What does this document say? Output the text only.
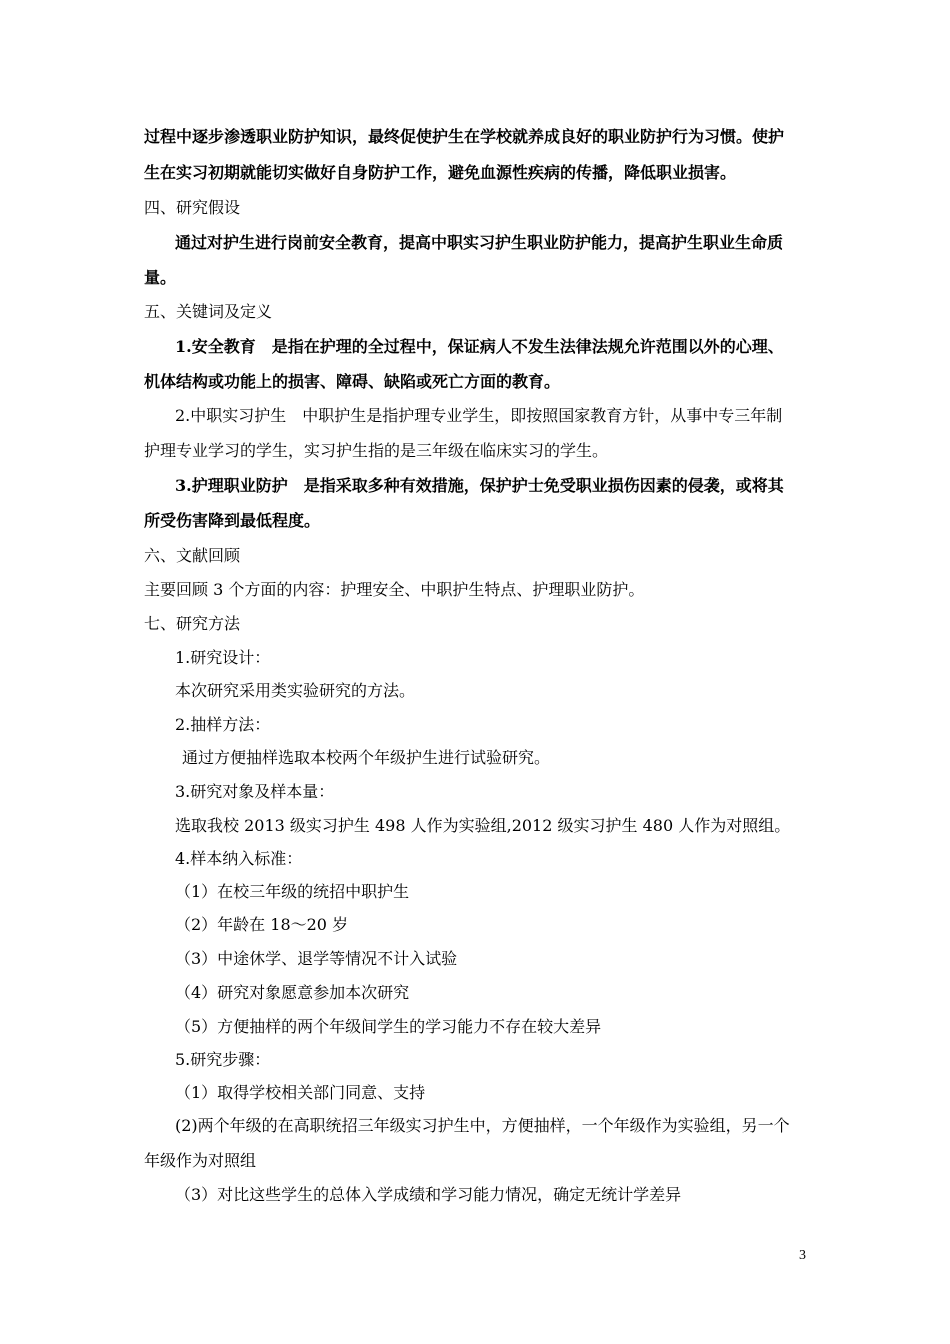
过程中逐步渗透职业防护知识，最终促使护生在学校就养成良好的职业防护行为习惯。使护
生在实习初期就能切实做好自身防护工作，避免血源性疾病的传播，降低职业损害。
四、研究假设
通过对护生进行岗前安全教育，提高中职实习护生职业防护能力，提高护生职业生命质
量。
五、关键词及定义
1.安全教育　是指在护理的全过程中，保证病人不发生法律法规允许范围以外的心理、
机体结构或功能上的损害、障碍、缺陷或死亡方面的教育。
2.中职实习护生　中职护生是指护理专业学生，即按照国家教育方针，从事中专三年制
护理专业学习的学生，实习护生指的是三年级在临床实习的学生。
3.护理职业防护　是指采取多种有效措施，保护护士免受职业损伤因素的侵袭，或将其
所受伤害降到最低程度。
六、文献回顾
主要回顾 3 个方面的内容：护理安全、中职护生特点、护理职业防护。
七、研究方法
1.研究设计：
本次研究采用类实验研究的方法。
2.抽样方法：
通过方便抽样选取本校两个年级护生进行试验研究。
3.研究对象及样本量：
选取我校 2013 级实习护生 498 人作为实验组,2012 级实习护生 480 人作为对照组。
4.样本纳入标准：
（1）在校三年级的统招中职护生
（2）年龄在 18～20 岁
（3）中途休学、退学等情况不计入试验
（4）研究对象愿意参加本次研究
（5）方便抽样的两个年级间学生的学习能力不存在较大差异
5.研究步骤：
（1）取得学校相关部门同意、支持
(2)两个年级的在高职统招三年级实习护生中，方便抽样，一个年级作为实验组，另一个
年级作为对照组
（3）对比这些学生的总体入学成绩和学习能力情况，确定无统计学差异
3
